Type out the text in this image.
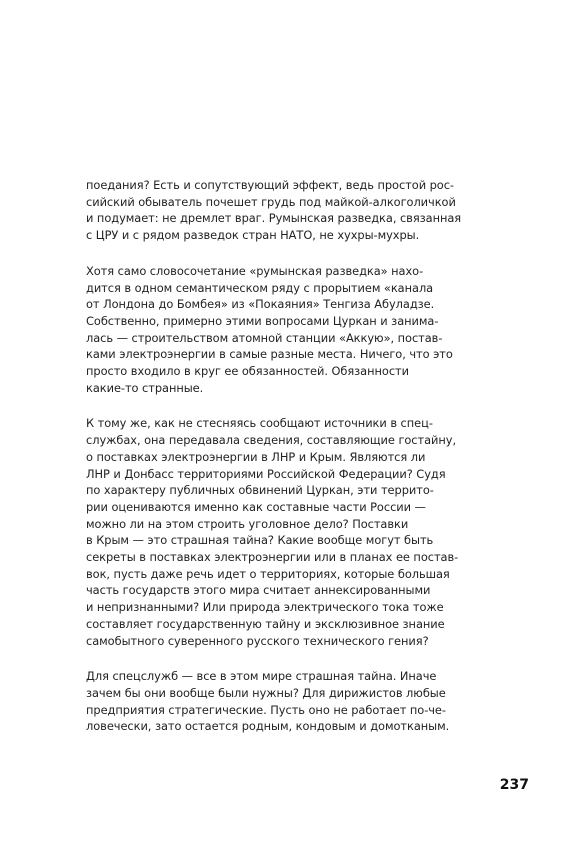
поедания? Есть и сопутствующий эффект, ведь простой рос-
сийский обыватель почешет грудь под майкой-алкоголичкой
и подумает: не дремлет враг. Румынская разведка, связанная
с ЦРУ и с рядом разведок стран НАТО, не хухры-мухры.
Хотя само словосочетание «румынская разведка» нахо-
дится в одном семантическом ряду с прорытием «канала
от Лондона до Бомбея» из «Покаяния» Тенгиза Абуладзе.
Собственно, примерно этими вопросами Цуркан и занима-
лась — строительством атомной станции «Аккую», постав-
ками электроэнергии в самые разные места. Ничего, что это
просто входило в круг ее обязанностей. Обязанности
какие-то странные.
К тому же, как не стесняясь сообщают источники в спец-
службах, она передавала сведения, составляющие гостайну,
о поставках электроэнергии в ЛНР и Крым. Являются ли
ЛНР и Донбасс территориями Российской Федерации? Судя
по характеру публичных обвинений Цуркан, эти террито-
рии оцениваются именно как составные части России —
можно ли на этом строить уголовное дело? Поставки
в Крым — это страшная тайна? Какие вообще могут быть
секреты в поставках электроэнергии или в планах ее постав-
вок, пусть даже речь идет о территориях, которые большая
часть государств этого мира считает аннексированными
и непризнанными? Или природа электрического тока тоже
составляет государственную тайну и эксклюзивное знание
самобытного суверенного русского технического гения?
Для спецслужб — все в этом мире страшная тайна. Иначе
зачем бы они вообще были нужны? Для дирижистов любые
предприятия стратегические. Пусть оно не работает по-че-
ловечески, зато остается родным, кондовым и домотканым.
237
